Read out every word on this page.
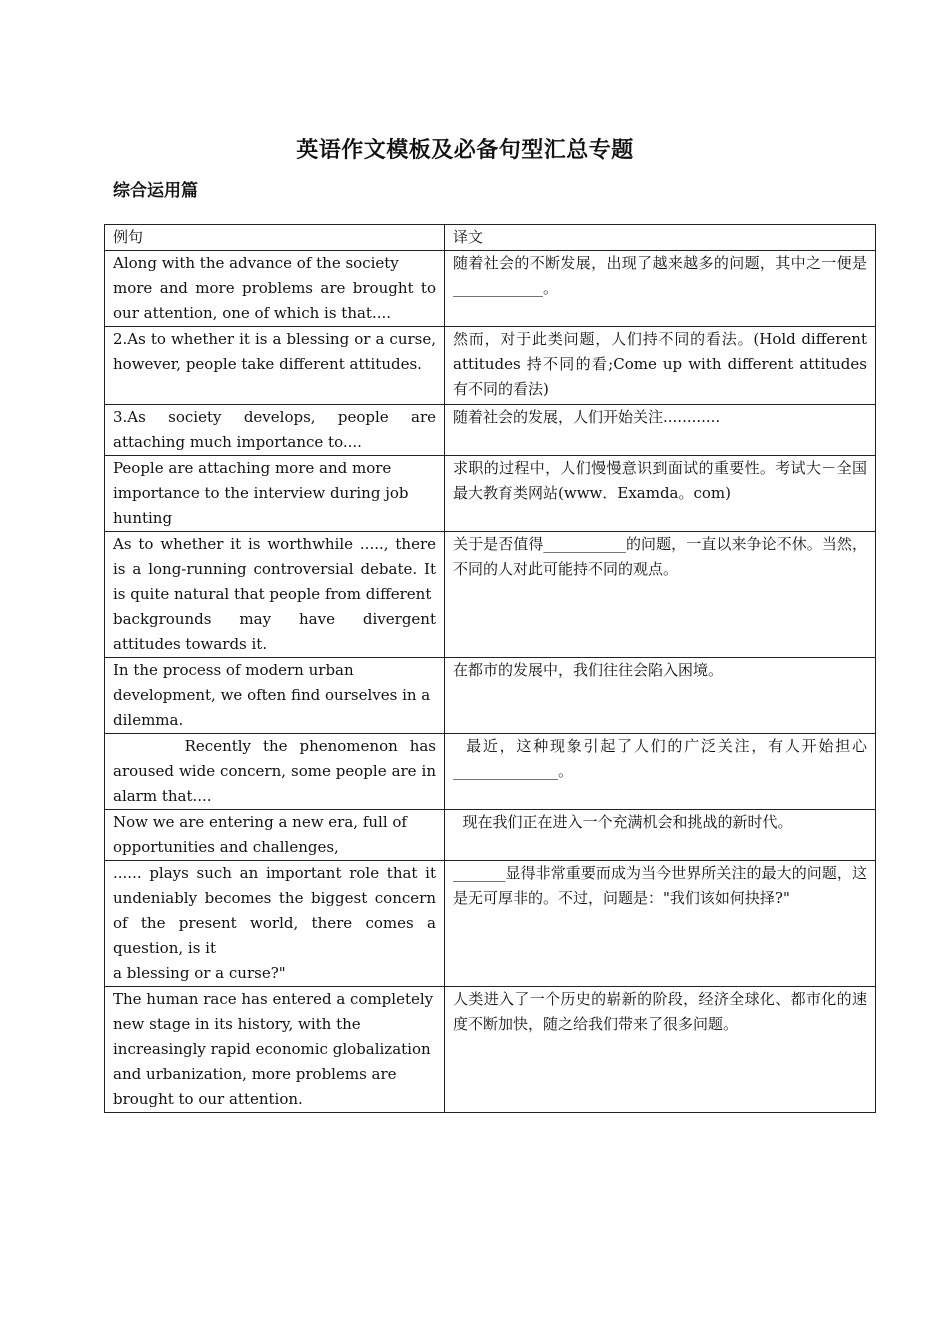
英语作文模板及必备句型汇总专题
综合运用篇
例句	译文
Along with the advance of the society
more and more problems are brought to our attention, one of which is that....	随着社会的不断发展，出现了越来越多的问题，其中之一便是____________。
2.As to whether it is a blessing or a curse, however, people take different attitudes.	然而，对于此类问题，人们持不同的看法。(Hold different attitudes 持不同的看;Come up with different attitudes 有不同的看法)
3.As society develops, people are attaching much importance to....	随着社会的发展，人们开始关注............
People are attaching more and more
importance to the interview during job
hunting	求职的过程中，人们慢慢意识到面试的重要性。考试大－全国最大教育类网站(www．Examda。com)
As to whether it is worthwhile ....., there is a long-running controversial debate. It is quite natural that people from different
backgrounds may have divergent attitudes towards it.	关于是否值得___________的问题，一直以来争论不休。当然，不同的人对此可能持不同的观点。
In the process of modern urban
development, we often find ourselves in a
dilemma.	在都市的发展中，我们往往会陷入困境。
Recently the phenomenon has aroused wide concern, some people are in alarm that....	最近，这种现象引起了人们的广泛关注，有人开始担心______________。
Now we are entering a new era, full of
opportunities and challenges,	现在我们正在进入一个充满机会和挑战的新时代。
...... plays such an important role that it undeniably becomes the biggest concern of the present world, there comes a question, is it
a blessing or a curse?"	_______显得非常重要而成为当今世界所关注的最大的问题，这是无可厚非的。不过，问题是："我们该如何抉择?"
The human race has entered a completely
new stage in its history, with the
increasingly rapid economic globalization
and urbanization, more problems are
brought to our attention.	人类进入了一个历史的崭新的阶段，经济全球化、都市化的速度不断加快，随之给我们带来了很多问题。
